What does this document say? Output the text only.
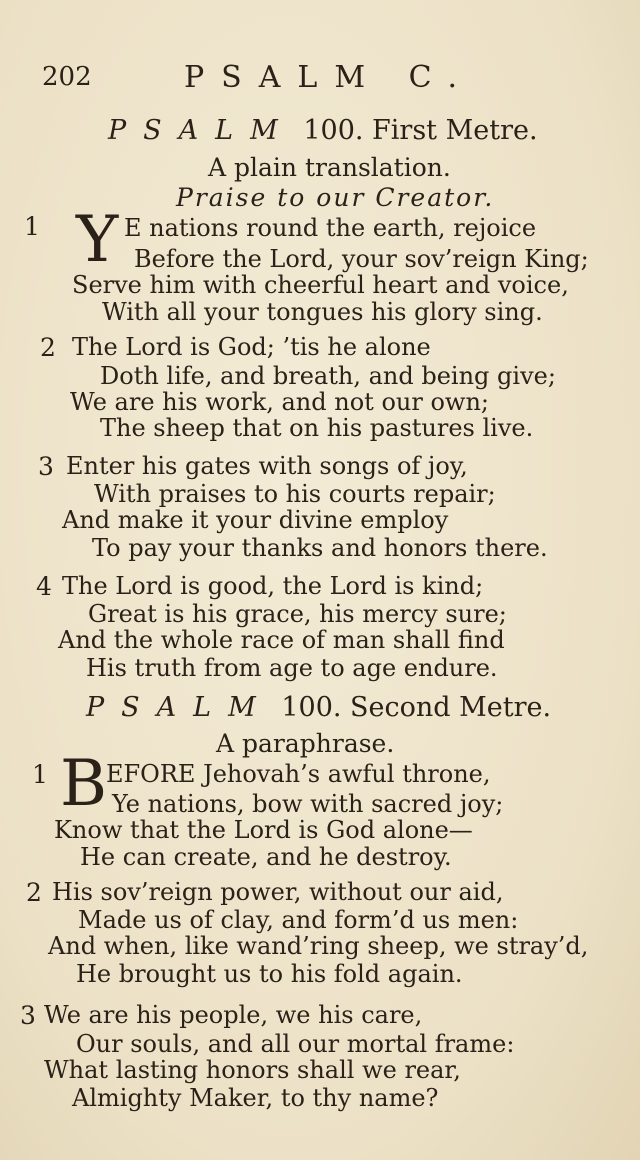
202	PSALM C.
PSALM 100. First Metre.
A plain translation.
Praise to our Creator.
1 Y E nations round the earth, rejoice
Before the Lord, your sov’reign King;
Serve him with cheerful heart and voice,
With all your tongues his glory sing.
2 The Lord is God; ’tis he alone
Doth life, and breath, and being give;
We are his work, and not our own;
The sheep that on his pastures live.
3 Enter his gates with songs of joy,
With praises to his courts repair;
And make it your divine employ
To pay your thanks and honors there.
4 The Lord is good, the Lord is kind;
Great is his grace, his mercy sure;
And the whole race of man shall find
His truth from age to age endure.
PSALM 100. Second Metre.
A paraphrase.
1 B
EFORE Jehovah’s awful throne,
Ye nations, bow with sacred joy;
Know that the Lord is God alone—
He can create, and he destroy.
2 His sov’reign power, without our aid,
Made us of clay, and form’d us men:
And when, like wand’ring sheep, we stray’d,
He brought us to his fold again.
3 We are his people, we his care,
Our souls, and all our mortal frame:
What lasting honors shall we rear,
Almighty Maker, to thy name?
